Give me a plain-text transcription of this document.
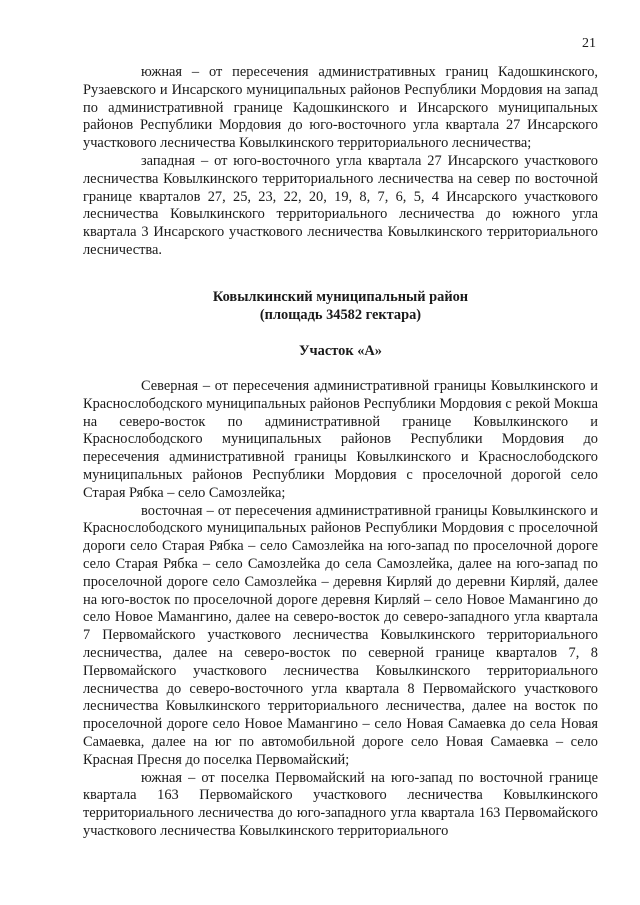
21

южная – от пересечения административных границ Кадошкинского, Рузаевского и Инсарского муниципальных районов Республики Мордовия на запад по административной границе Кадошкинского и Инсарского муниципальных районов Республики Мордовия до юго-восточного угла квартала 27 Инсарского участкового лесничества Ковылкинского территориального лесничества;

западная – от юго-восточного угла квартала 27 Инсарского участкового лесничества Ковылкинского территориального лесничества на север по восточной границе кварталов 27, 25, 23, 22, 20, 19, 8, 7, 6, 5, 4 Инсарского участкового лесничества Ковылкинского территориального лесничества до южного угла квартала 3 Инсарского участкового лесничества Ковылкинского территориального лесничества.

Ковылкинский муниципальный район
(площадь 34582 гектара)
Участок «А»

Северная – от пересечения административной границы Ковылкинского и Краснослободского муниципальных районов Республики Мордовия с рекой Мокша на северо-восток по административной границе Ковылкинского и Краснослободского муниципальных районов Республики Мордовия до пересечения административной границы Ковылкинского и Краснослободского муниципальных районов Республики Мордовия с проселочной дорогой село Старая Рябка – село Самозлейка;

восточная – от пересечения административной границы Ковылкинского и Краснослободского муниципальных районов Республики Мордовия с проселочной дороги село Старая Рябка – село Самозлейка на юго-запад по проселочной дороге село Старая Рябка – село Самозлейка до села Самозлейка, далее на юго-запад по проселочной дороге село Самозлейка – деревня Кирляй до деревни Кирляй, далее на юго-восток по проселочной дороге деревня Кирляй – село Новое Мамангино до село Новое Мамангино, далее на северо-восток до северо-западного угла квартала 7 Первомайского участкового лесничества Ковылкинского территориального лесничества, далее на северо-восток по северной границе кварталов 7, 8 Первомайского участкового лесничества Ковылкинского территориального лесничества до северо-восточного угла квартала 8 Первомайского участкового лесничества Ковылкинского территориального лесничества, далее на восток по проселочной дороге село Новое Мамангино – село Новая Самаевка до села Новая Самаевка, далее на юг по автомобильной дороге село Новая Самаевка – село Красная Пресня до поселка Первомайский;

южная – от поселка Первомайский на юго-запад по восточной границе квартала 163 Первомайского участкового лесничества Ковылкинского территориального лесничества до юго-западного угла квартала 163 Первомайского участкового лесничества Ковылкинского территориального
